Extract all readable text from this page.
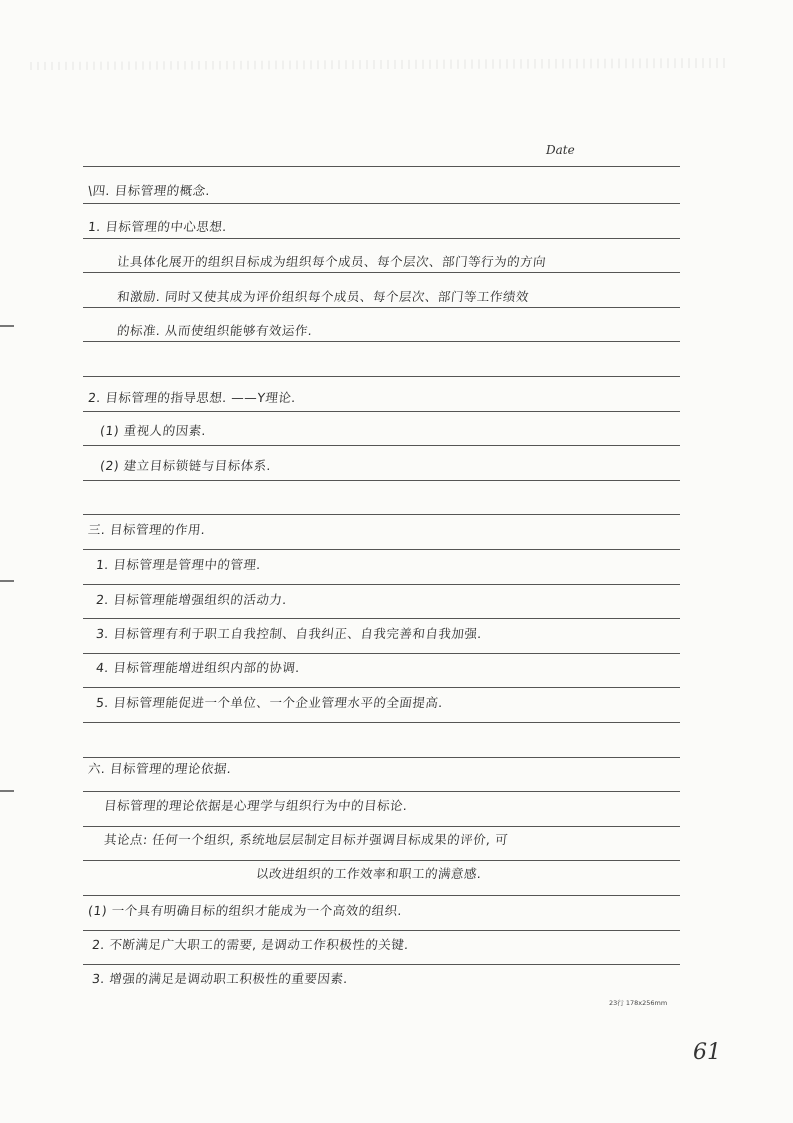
Date
\四. 目标管理的概念.
1. 目标管理的中心思想.
让具体化展开的组织目标成为组织每个成员、每个层次、部门等行为的方向
和激励. 同时又使其成为评价组织每个成员、每个层次、部门等工作绩效
的标准. 从而使组织能够有效运作.
2. 目标管理的指导思想. ——Y理论.
(1) 重视人的因素.
(2) 建立目标锁链与目标体系.
三. 目标管理的作用.
1. 目标管理是管理中的管理.
2. 目标管理能增强组织的活动力.
3. 目标管理有利于职工自我控制、自我纠正、自我完善和自我加强.
4. 目标管理能增进组织内部的协调.
5. 目标管理能促进一个单位、一个企业管理水平的全面提高.
六. 目标管理的理论依据.
目标管理的理论依据是心理学与组织行为中的目标论.
其论点: 任何一个组织, 系统地层层制定目标并强调目标成果的评价, 可
以改进组织的工作效率和职工的满意感.
(1) 一个具有明确目标的组织才能成为一个高效的组织.
2. 不断满足广大职工的需要, 是调动工作积极性的关键.
3. 增强的满足是调动职工积极性的重要因素.
23行 178x256mm
61
